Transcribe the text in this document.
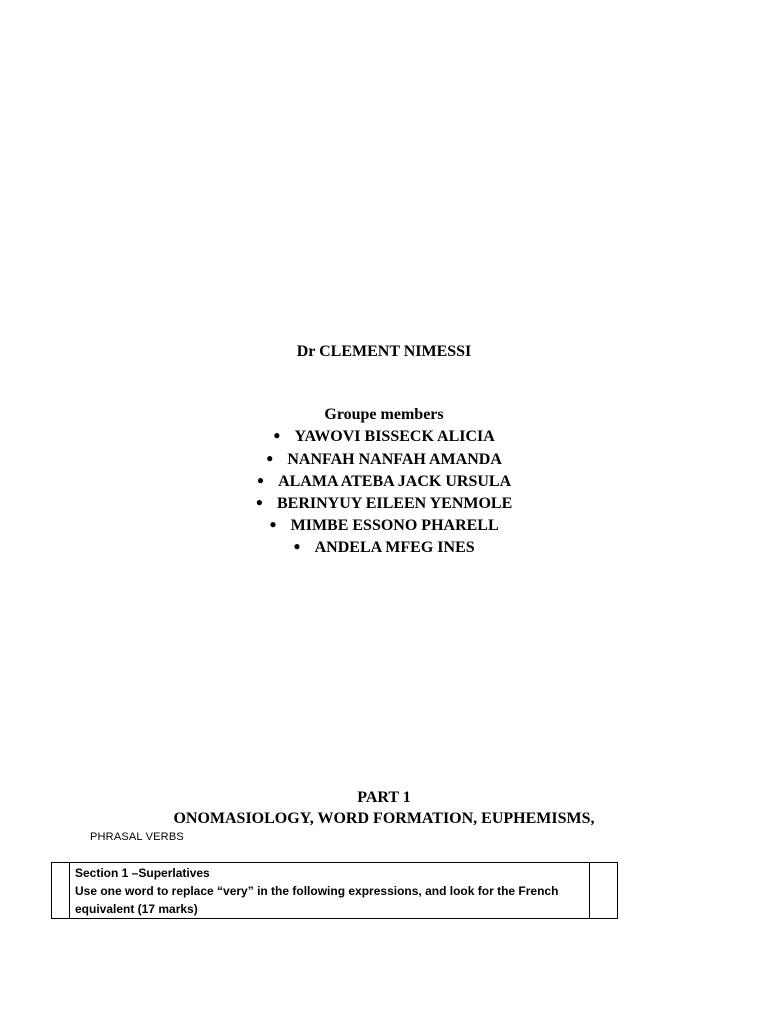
Dr CLEMENT NIMESSI
Groupe members
● YAWOVI BISSECK ALICIA
● NANFAH NANFAH AMANDA
● ALAMA ATEBA JACK URSULA
● BERINYUY EILEEN YENMOLE
● MIMBE ESSONO PHARELL
● ANDELA MFEG INES
PART 1
ONOMASIOLOGY, WORD FORMATION, EUPHEMISMS,
PHRASAL VERBS

Section 1 –Superlatives
Use one word to replace “very” in the following expressions, and look for the French
equivalent (17 marks)
